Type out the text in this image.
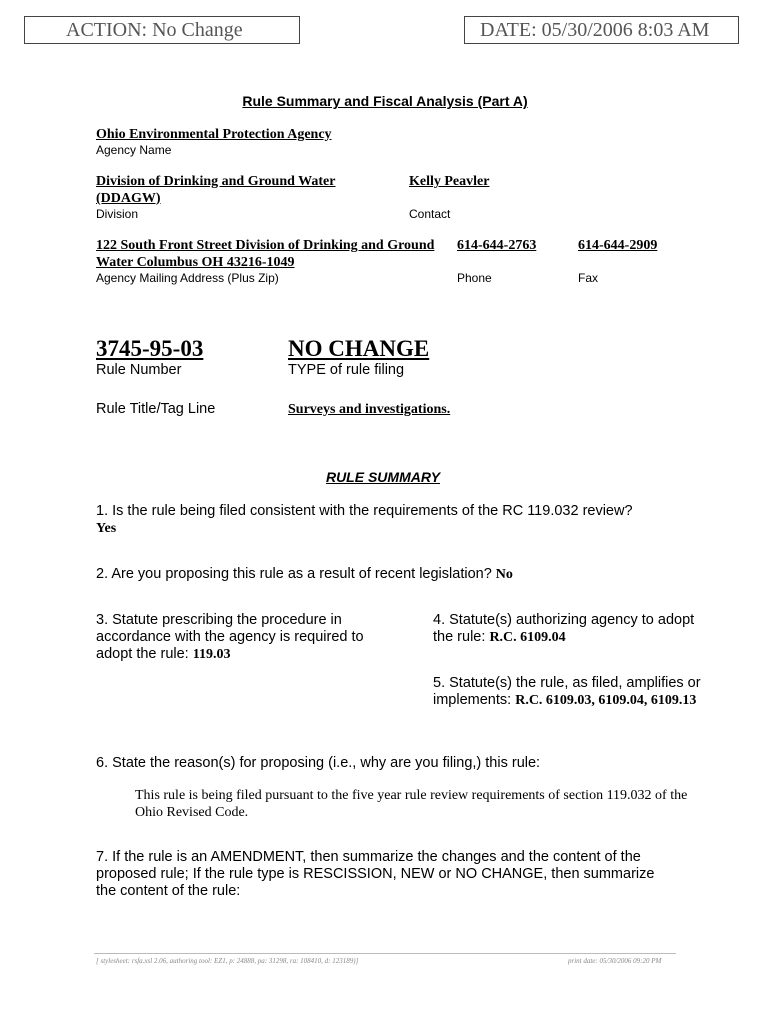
ACTION: No Change	DATE: 05/30/2006 8:03 AM
Rule Summary and Fiscal Analysis (Part A)
Ohio Environmental Protection Agency
Agency Name
Division of Drinking and Ground Water (DDAGW)
Division
Kelly Peavler
Contact
122 South Front Street Division of Drinking and Ground Water Columbus OH 43216-1049
Agency Mailing Address (Plus Zip)
614-644-2763
Phone
614-644-2909
Fax
3745-95-03
Rule Number
NO CHANGE
TYPE of rule filing
Rule Title/Tag Line	Surveys and investigations.
RULE SUMMARY
1. Is the rule being filed consistent with the requirements of the RC 119.032 review? Yes
2. Are you proposing this rule as a result of recent legislation? No
3. Statute prescribing the procedure in accordance with the agency is required to adopt the rule: 119.03
4. Statute(s) authorizing agency to adopt the rule: R.C. 6109.04
5. Statute(s) the rule, as filed, amplifies or implements: R.C. 6109.03, 6109.04, 6109.13
6. State the reason(s) for proposing (i.e., why are you filing,) this rule:
This rule is being filed pursuant to the five year rule review requirements of section 119.032 of the Ohio Revised Code.
7. If the rule is an AMENDMENT, then summarize the changes and the content of the proposed rule; If the rule type is RESCISSION, NEW or NO CHANGE, then summarize the content of the rule:
[ stylesheet: rsfa.xsl 2.06, authoring tool: EZ1, p: 24888, pa: 31298, ra: 108410, d: 123189)]	print date: 05/30/2006 09:20 PM
